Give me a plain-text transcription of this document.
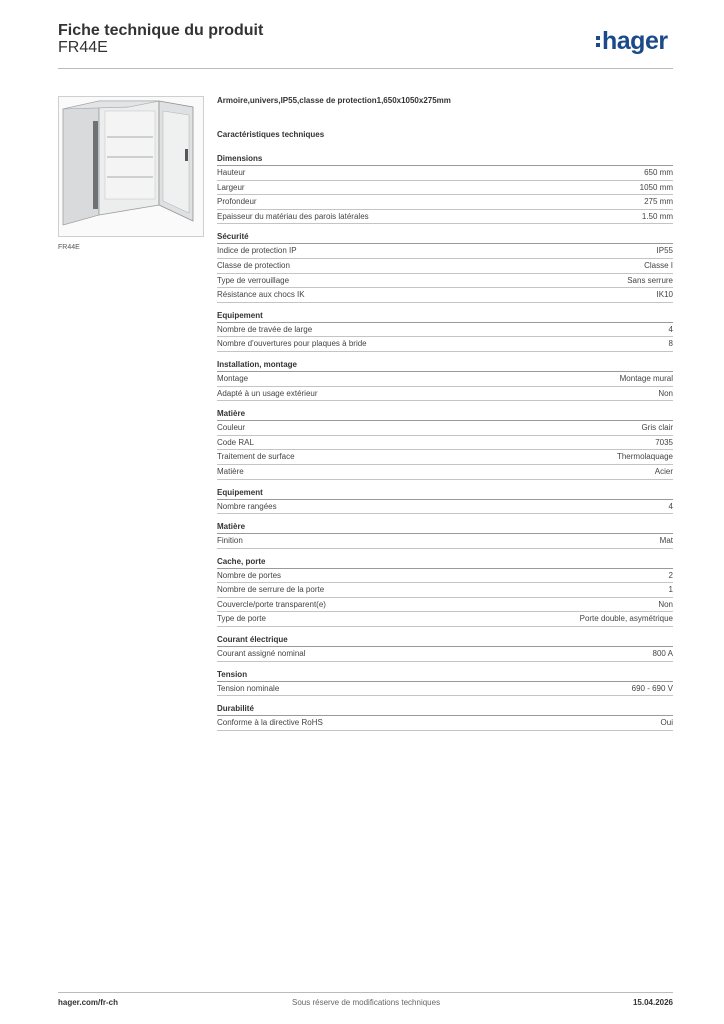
Fiche technique du produit
FR44E	hager
FR44E
Armoire,univers,IP55,classe de protection1,650x1050x275mm
Caractéristiques techniques
Dimensions
Hauteur	650 mm
Largeur	1050 mm
Profondeur	275 mm
Epaisseur du matériau des parois latérales	1.50 mm
Sécurité
Indice de protection IP	IP55
Classe de protection	Classe I
Type de verrouillage	Sans serrure
Résistance aux chocs IK	IK10
Equipement
Nombre de travée de large	4
Nombre d'ouvertures pour plaques à bride	8
Installation, montage
Montage	Montage mural
Adapté à un usage extérieur	Non
Matière
Couleur	Gris clair
Code RAL	7035
Traitement de surface	Thermolaquage
Matière	Acier
Equipement
Nombre rangées	4
Matière
Finition	Mat
Cache, porte
Nombre de portes	2
Nombre de serrure de la porte	1
Couvercle/porte transparent(e)	Non
Type de porte	Porte double, asymétrique
Courant électrique
Courant assigné nominal	800 A
Tension
Tension nominale	690 - 690 V
Durabilité
Conforme à la directive RoHS	Oui
hager.com/fr-ch	Sous réserve de modifications techniques	15.04.2026
